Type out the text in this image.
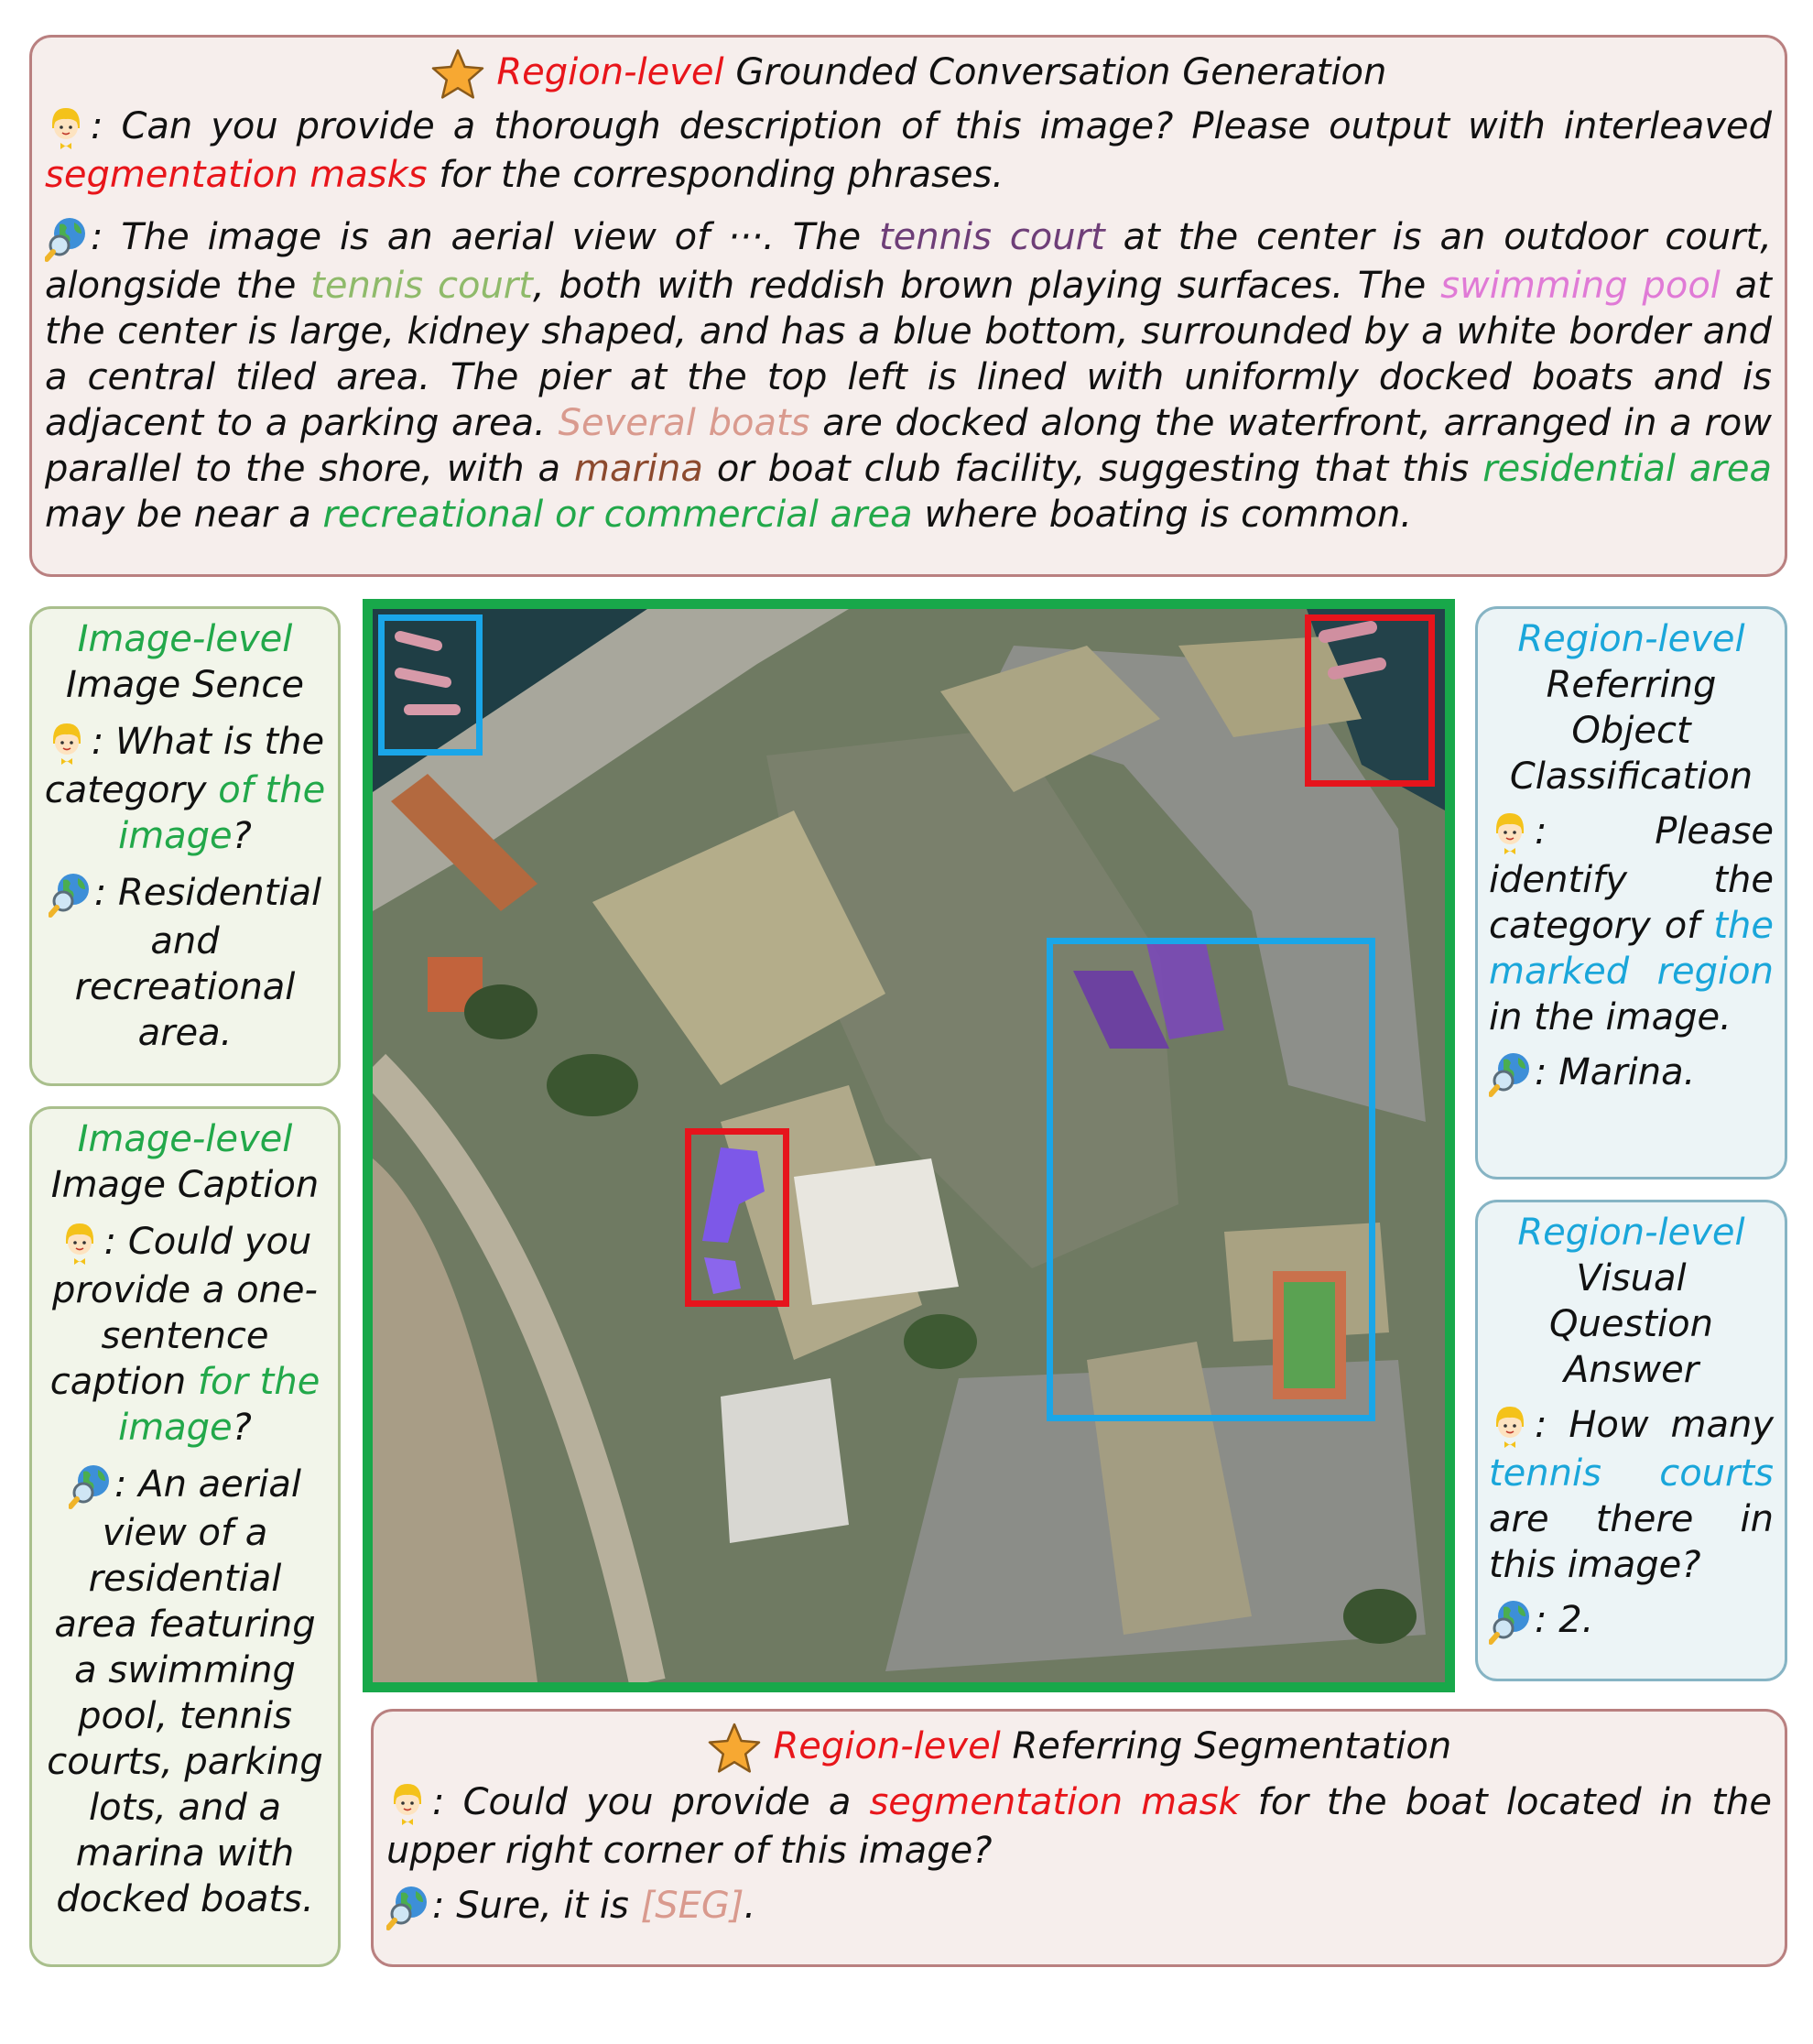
Region-level Grounded Conversation Generation
: Can you provide a thorough description of this image? Please output with interleaved segmentation masks for the corresponding phrases.
: The image is an aerial view of ···. The tennis court at the center is an outdoor court, alongside the tennis court, both with reddish brown playing surfaces. The swimming pool at the center is large, kidney shaped, and has a blue bottom, surrounded by a white border and a central tiled area. The pier at the top left is lined with uniformly docked boats and is adjacent to a parking area. Several boats are docked along the waterfront, arranged in a row parallel to the shore, with a marina or boat club facility, suggesting that this residential area may be near a recreational or commercial area where boating is common.
Image-level
Image Sence
: What is the category of the image?
: Residential and recreational area.
Image-level
Image Caption
: Could you provide a one-sentence caption for the image?
: An aerial view of a residential area featuring a swimming pool, tennis courts, parking lots, and a marina with docked boats.
Region-level
Referring Object Classification
: Please identify the category of the marked region in the image.
: Marina.
Region-level
Visual Question Answer
: How many tennis courts are there in this image?
: 2.
Region-level Referring Segmentation
: Could you provide a segmentation mask for the boat located in the upper right corner of this image?
: Sure, it is [SEG].
